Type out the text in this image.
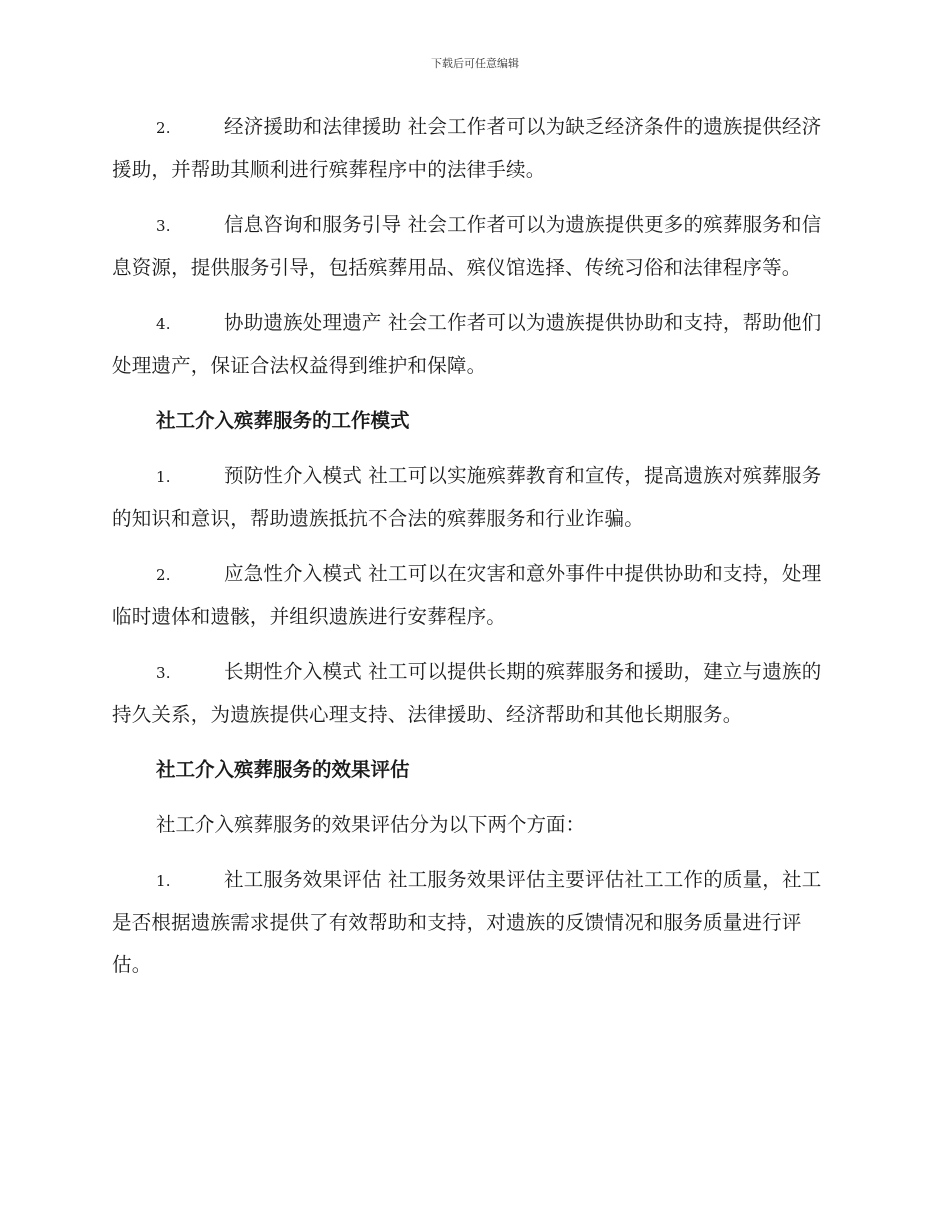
下载后可任意编辑

2.	经济援助和法律援助 社会工作者可以为缺乏经济条件的遗族提供经济援助，并帮助其顺利进行殡葬程序中的法律手续。

3.	信息咨询和服务引导 社会工作者可以为遗族提供更多的殡葬服务和信息资源，提供服务引导，包括殡葬用品、殡仪馆选择、传统习俗和法律程序等。

4.	协助遗族处理遗产 社会工作者可以为遗族提供协助和支持，帮助他们处理遗产，保证合法权益得到维护和保障。

社工介入殡葬服务的工作模式

1.	预防性介入模式 社工可以实施殡葬教育和宣传，提高遗族对殡葬服务的知识和意识，帮助遗族抵抗不合法的殡葬服务和行业诈骗。

2.	应急性介入模式 社工可以在灾害和意外事件中提供协助和支持，处理临时遗体和遗骸，并组织遗族进行安葬程序。

3.	长期性介入模式 社工可以提供长期的殡葬服务和援助，建立与遗族的持久关系，为遗族提供心理支持、法律援助、经济帮助和其他长期服务。

社工介入殡葬服务的效果评估

社工介入殡葬服务的效果评估分为以下两个方面：

1.	社工服务效果评估 社工服务效果评估主要评估社工工作的质量，社工是否根据遗族需求提供了有效帮助和支持，对遗族的反馈情况和服务质量进行评估。
